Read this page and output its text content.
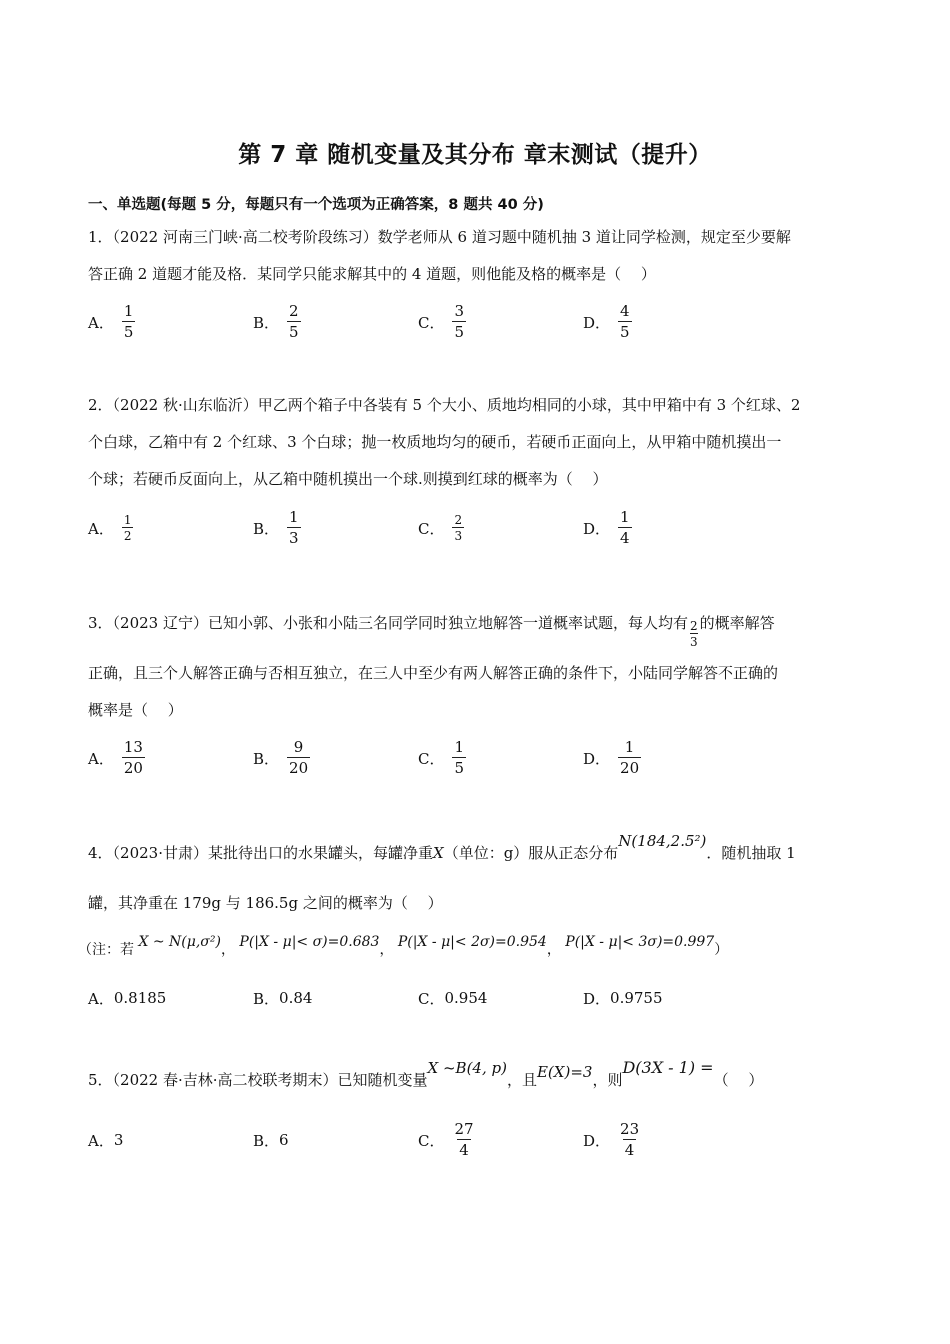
第 7 章 随机变量及其分布 章末测试（提升）
一、单选题(每题 5 分，每题只有一个选项为正确答案，8 题共 40 分)
1．（2022 河南三门峡·高二校考阶段练习）数学老师从 6 道习题中随机抽 3 道让同学检测，规定至少要解
答正确 2 道题才能及格．某同学只能求解其中的 4 道题，则他能及格的概率是（　 ）
A． $\frac{1}{5}$	B． $\frac{2}{5}$	C． $\frac{3}{5}$	D． $\frac{4}{5}$
2．（2022 秋·山东临沂）甲乙两个箱子中各装有 5 个大小、质地均相同的小球，其中甲箱中有 3 个红球、2
个白球，乙箱中有 2 个红球、3 个白球；抛一枚质地均匀的硬币，若硬币正面向上，从甲箱中随机摸出一
个球；若硬币反面向上，从乙箱中随机摸出一个球.则摸到红球的概率为（　 ）
A． $\frac{1}{2}$	B． $\frac{1}{3}$	C． $\frac{2}{3}$	D． $\frac{1}{4}$
3．（2023 辽宁）已知小郭、小张和小陆三名同学同时独立地解答一道概率试题，每人均有 $\frac{2}{3}$ 的概率解答
正确，且三个人解答正确与否相互独立，在三人中至少有两人解答正确的条件下，小陆同学解答不正确的
概率是（　 ）
A． $\frac{13}{20}$	B． $\frac{9}{20}$	C． $\frac{1}{5}$	D． $\frac{1}{20}$
4．（2023·甘肃）某批待出口的水果罐头，每罐净重X（单位：g）服从正态分布N(184,2.5²)．随机抽取 1
罐，其净重在 179g 与 186.5g 之间的概率为（　 ）
（注：若 X ~ N(μ,σ²)， P(|X - μ|< σ)=0.683， P(|X - μ|< 2σ)=0.954， P(|X - μ|< 3σ)=0.997）
A． 0.8185	B． 0.84	C． 0.954	D． 0.9755
5．（2022 春·吉林·高二校联考期末）已知随机变量X ~B(4, p)，且E(X)=3，则D(3X - 1) =（　 ）
A． 3	B． 6	C． $\frac{27}{4}$	D． $\frac{23}{4}$
